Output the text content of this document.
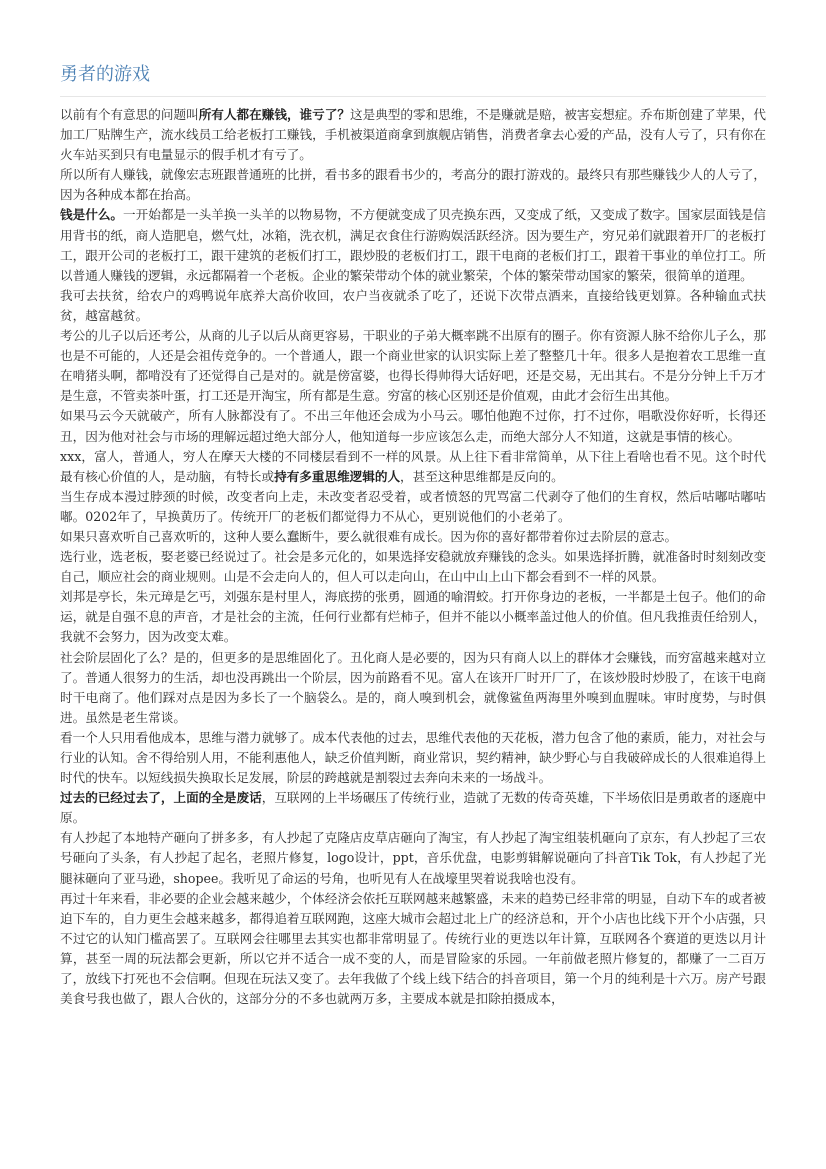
勇者的游戏

以前有个有意思的问题叫所有人都在赚钱，谁亏了？这是典型的零和思维，不是赚就是赔，被害妄想症。乔布斯创建了苹果，代加工厂贴牌生产，流水线员工给老板打工赚钱，手机被渠道商拿到旗舰店销售，消费者拿去心爱的产品，没有人亏了，只有你在火车站买到只有电量显示的假手机才有亏了。

所以所有人赚钱，就像宏志班跟普通班的比拼，看书多的跟看书少的，考高分的跟打游戏的。最终只有那些赚钱少人的人亏了，因为各种成本都在抬高。

钱是什么。一开始都是一头羊换一头羊的以物易物，不方便就变成了贝壳换东西，又变成了纸，又变成了数字。国家层面钱是信用背书的纸，商人造肥皂，燃气灶，冰箱，洗衣机，满足衣食住行游购娱活跃经济。因为要生产，穷兄弟们就跟着开厂的老板打工，跟开公司的老板打工，跟干建筑的老板们打工，跟炒股的老板们打工，跟干电商的老板们打工，跟着干事业的单位打工。所以普通人赚钱的逻辑，永远都隔着一个老板。企业的繁荣带动个体的就业繁荣，个体的繁荣带动国家的繁荣，很简单的道理。

我可去扶贫，给农户的鸡鸭说年底养大高价收回，农户当夜就杀了吃了，还说下次带点酒来，直接给钱更划算。各种输血式扶贫，越富越贫。

考公的儿子以后还考公，从商的儿子以后从商更容易，干职业的子弟大概率跳不出原有的圈子。你有资源人脉不给你儿子么，那也是不可能的，人还是会祖传竞争的。一个普通人，跟一个商业世家的认识实际上差了整整几十年。很多人是抱着农工思维一直在啃猪头啊，都啃没有了还觉得自己是对的。就是傍富婆，也得长得帅得大话好吧，还是交易，无出其右。不是分分钟上千万才是生意，不管卖茶叶蛋，打工还是开淘宝，所有都是生意。穷富的核心区别还是价值观，由此才会衍生出其他。

如果马云今天就破产，所有人脉都没有了。不出三年他还会成为小马云。哪怕他跑不过你，打不过你，唱歌没你好听，长得还丑，因为他对社会与市场的理解远超过绝大部分人，他知道每一步应该怎么走，而绝大部分人不知道，这就是事情的核心。

xxx，富人，普通人，穷人在摩天大楼的不同楼层看到不一样的风景。从上往下看非常简单，从下往上看啥也看不见。这个时代最有核心价值的人，是动脑，有特长或持有多重思维逻辑的人，甚至这种思维都是反向的。

当生存成本漫过脖颈的时候，改变者向上走，未改变者忍受着，或者愤怒的咒骂富二代剥夺了他们的生育权，然后咕嘟咕嘟咕嘟。0202年了，早换黄历了。传统开厂的老板们都觉得力不从心，更别说他们的小老弟了。

如果只喜欢听自己喜欢听的，这种人要么蠢断牛，要么就很难有成长。因为你的喜好都带着你过去阶层的意志。

选行业，选老板，娶老婆已经说过了。社会是多元化的，如果选择安稳就放弃赚钱的念头。如果选择折腾，就准备时时刻刻改变自己，顺应社会的商业规则。山是不会走向人的，但人可以走向山，在山中山上山下都会看到不一样的风景。

刘邦是亭长，朱元璋是乞丐，刘强东是村里人，海底捞的张勇，圆通的喻渭蛟。打开你身边的老板，一半都是土包子。他们的命运，就是自强不息的声音，才是社会的主流，任何行业都有烂柿子，但并不能以小概率盖过他人的价值。但凡我推责任给别人，我就不会努力，因为改变太难。

社会阶层固化了么？是的，但更多的是思维固化了。丑化商人是必要的，因为只有商人以上的群体才会赚钱，而穷富越来越对立了。普通人很努力的生活，却也没再跳出一个阶层，因为前路看不见。富人在该开厂时开厂了，在该炒股时炒股了，在该干电商时干电商了。他们踩对点是因为多长了一个脑袋么。是的，商人嗅到机会，就像鲨鱼两海里外嗅到血腥味。审时度势，与时俱进。虽然是老生常谈。

看一个人只用看他成本，思维与潜力就够了。成本代表他的过去，思维代表他的天花板，潜力包含了他的素质，能力，对社会与行业的认知。舍不得给别人用，不能利惠他人，缺乏价值判断，商业常识，契约精神，缺少野心与自我破碎成长的人很难追得上时代的快车。以短线损失换取长足发展，阶层的跨越就是割裂过去奔向未来的一场战斗。

过去的已经过去了，上面的全是废话，互联网的上半场碾压了传统行业，造就了无数的传奇英雄，下半场依旧是勇敢者的逐鹿中原。

有人抄起了本地特产砸向了拼多多，有人抄起了克隆店皮草店砸向了淘宝，有人抄起了淘宝组装机砸向了京东，有人抄起了三农号砸向了头条，有人抄起了起名，老照片修复，logo设计，ppt，音乐优盘，电影剪辑解说砸向了抖音Tik Tok，有人抄起了光腿袜砸向了亚马逊，shopee。我听见了命运的号角，也听见有人在战壕里哭着说我啥也没有。

再过十年来看，非必要的企业会越来越少，个体经济会依托互联网越来越繁盛，未来的趋势已经非常的明显，自动下车的或者被迫下车的，自力更生会越来越多，都得追着互联网跑，这座大城市会超过北上广的经济总和，开个小店也比线下开个小店强，只不过它的认知门槛高罢了。互联网会往哪里去其实也都非常明显了。传统行业的更迭以年计算，互联网各个赛道的更迭以月计算，甚至一周的玩法都会更新，所以它并不适合一成不变的人，而是冒险家的乐园。一年前做老照片修复的，都赚了一二百万了，放线下打死也不会信啊。但现在玩法又变了。去年我做了个线上线下结合的抖音项目，第一个月的纯利是十六万。房产号跟美食号我也做了，跟人合伙的，这部分分的不多也就两万多，主要成本就是扣除拍摄成本，
